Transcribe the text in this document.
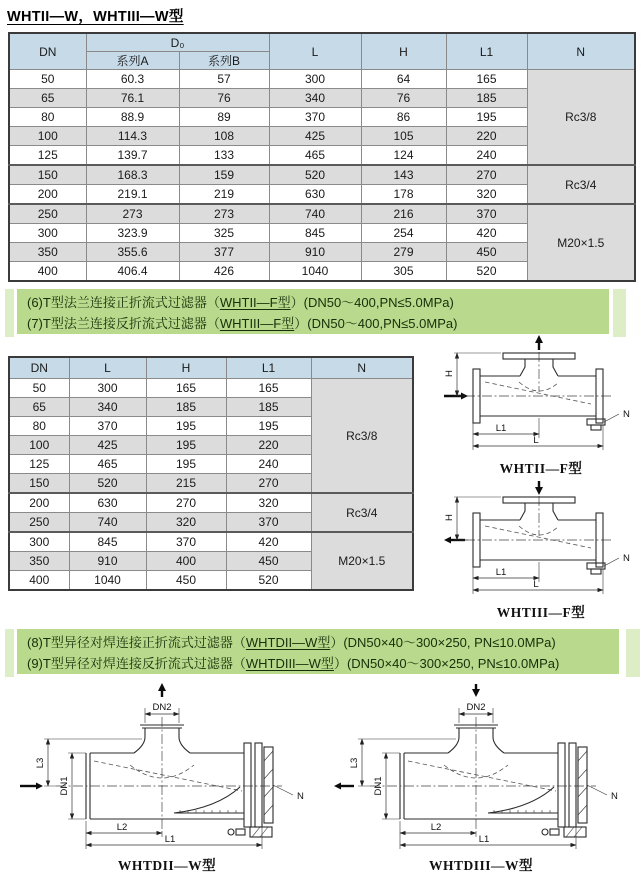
WHTII—W，WHTIII—W型
DN	D₀		L	H	L1	N
	系列A	系列B				
50	60.3	57	300	64	165	Rc3/8
65	76.1	76	340	76	185	
80	88.9	89	370	86	195	
100	114.3	108	425	105	220	
125	139.7	133	465	124	240	
150	168.3	159	520	143	270	Rc3/4
200	219.1	219	630	178	320	
250	273	273	740	216	370	M20×1.5
300	323.9	325	845	254	420	
350	355.6	377	910	279	450	
400	406.4	426	1040	305	520	
(6)T型法兰连接正折流式过滤器（WHTII—F型）(DN50～400,PN≤5.0MPa)
(7)T型法兰连接反折流式过滤器（WHTIII—F型）(DN50～400,PN≤5.0MPa)
DN	L	H	L1	N
50	300	165	165	Rc3/8
65	340	185	185	
80	370	195	195	
100	425	195	220	
125	465	195	240	
150	520	215	270	
200	630	270	320	Rc3/4
250	740	320	370	
300	845	370	420	M20×1.5
350	910	400	450	
400	1040	450	520	
H
L1
L
N
WHTII—F型
H
L1
L
N
WHTIII—F型
(8)T型异径对焊连接正折流式过滤器（WHTDII—W型）(DN50×40～300×250, PN≤10.0MPa)
(9)T型异径对焊连接反折流式过滤器（WHTDIII—W型）(DN50×40～300×250, PN≤10.0MPa)
DN2
DN1
L3
L2
L1
N
WHTDII—W型
DN2
DN1
L3
L2
L1
N
WHTDIII—W型
